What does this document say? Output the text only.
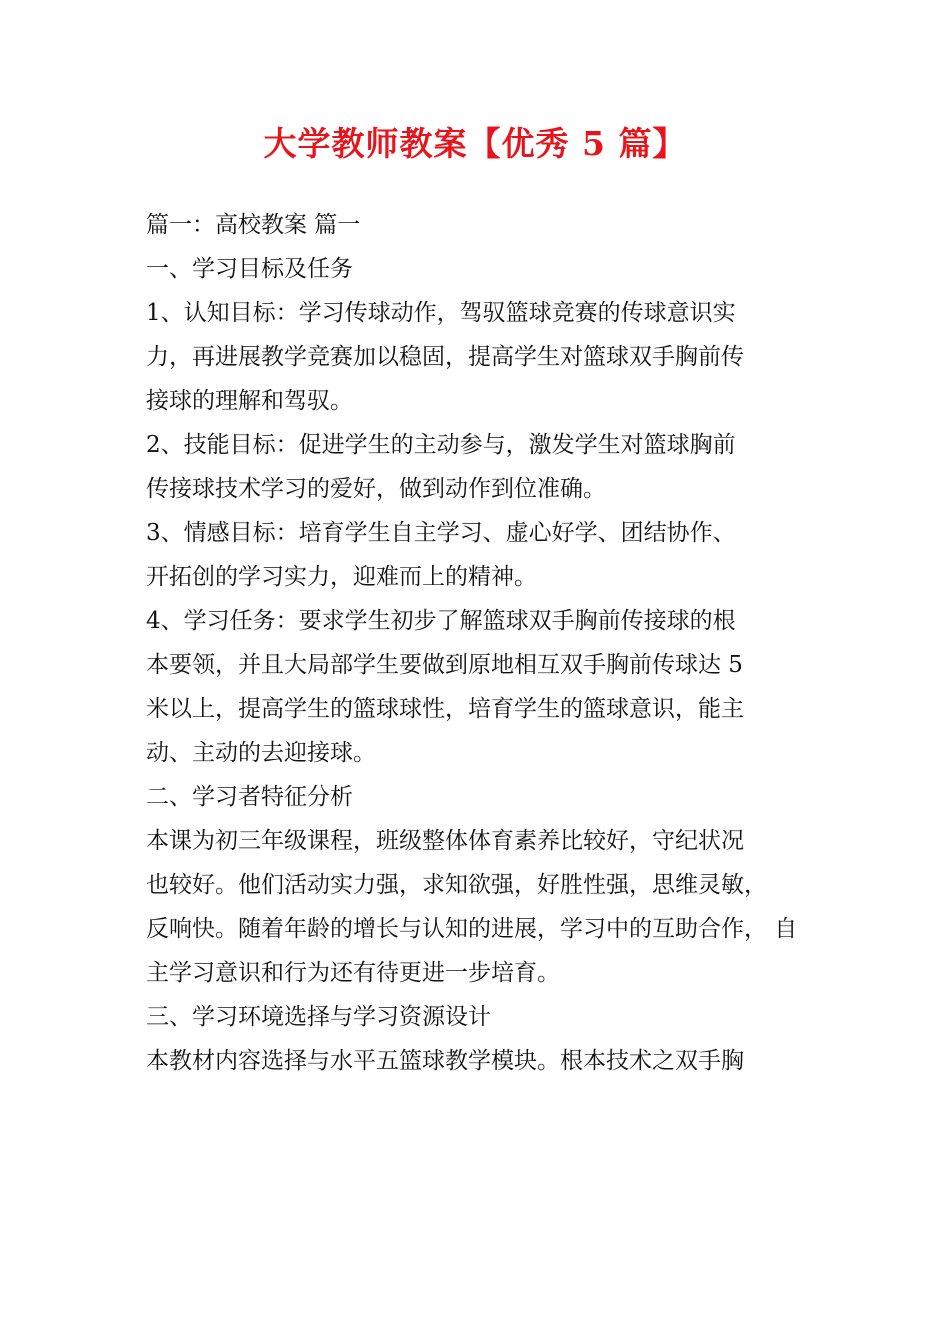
大学教师教案【优秀 5 篇】
篇一：高校教案 篇一
一、学习目标及任务
1、认知目标：学习传球动作，驾驭篮球竞赛的传球意识实
力，再进展教学竞赛加以稳固，提高学生对篮球双手胸前传
接球的理解和驾驭。
2、技能目标：促进学生的主动参与，激发学生对篮球胸前
传接球技术学习的爱好，做到动作到位准确。
3、情感目标：培育学生自主学习、虚心好学、团结协作、
开拓创的学习实力，迎难而上的精神。
4、学习任务：要求学生初步了解篮球双手胸前传接球的根
本要领，并且大局部学生要做到原地相互双手胸前传球达 5
米以上，提高学生的篮球球性，培育学生的篮球意识，能主
动、主动的去迎接球。
二、学习者特征分析
本课为初三年级课程，班级整体体育素养比较好，守纪状况
也较好。他们活动实力强，求知欲强，好胜性强，思维灵敏，
反响快。随着年龄的增长与认知的进展，学习中的互助合作， 自
主学习意识和行为还有待更进一步培育。
三、学习环境选择与学习资源设计
本教材内容选择与水平五篮球教学模块。根本技术之双手胸
